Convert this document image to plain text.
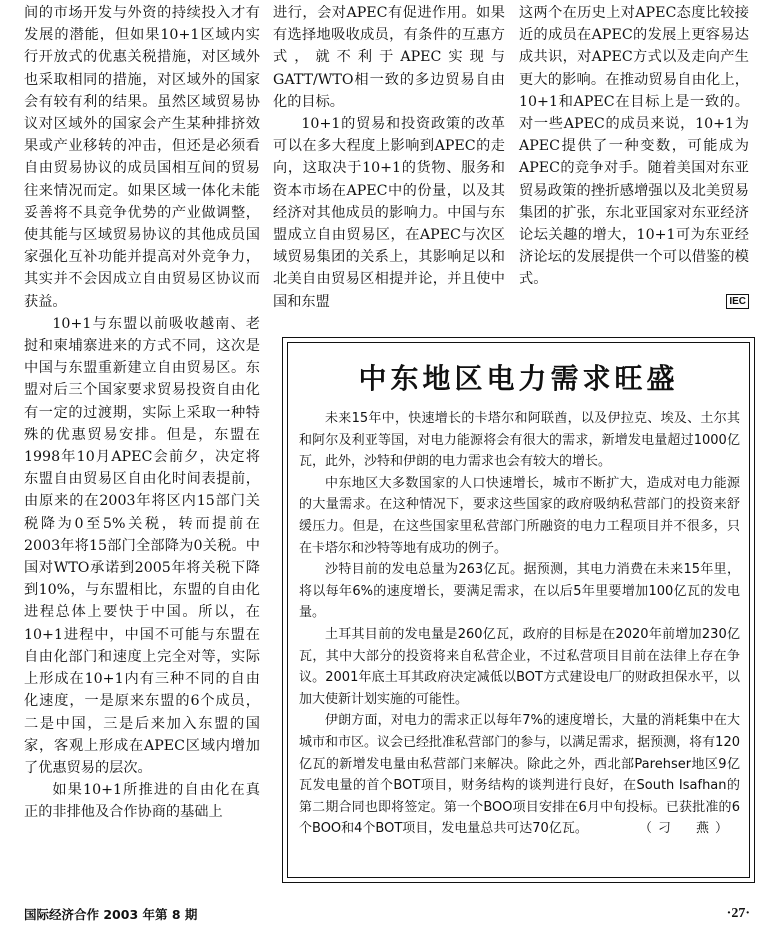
间的市场开发与外资的持续投入才有发展的潜能，但如果10+1区域内实行开放式的优惠关税措施，对区域外也采取相同的措施，对区域外的国家会有较有利的结果。虽然区域贸易协议对区域外的国家会产生某种排挤效果或产业移转的冲击，但还是必须看自由贸易协议的成员国相互间的贸易往来情况而定。如果区域一体化未能妥善将不具竞争优势的产业做调整，使其能与区域贸易协议的其他成员国家强化互补功能并提高对外竞争力，其实并不会因成立自由贸易区协议而获益。

10+1与东盟以前吸收越南、老挝和柬埔寨进来的方式不同，这次是中国与东盟重新建立自由贸易区。东盟对后三个国家要求贸易投资自由化有一定的过渡期，实际上采取一种特殊的优惠贸易安排。但是，东盟在1998年10月APEC会前夕，决定将东盟自由贸易区自由化时间表提前，由原来的在2003年将区内15部门关税降为0至5%关税，转而提前在2003年将15部门全部降为0关税。中国对WTO承诺到2005年将关税下降到10%，与东盟相比，东盟的自由化进程总体上要快于中国。所以，在10+1进程中，中国不可能与东盟在自由化部门和速度上完全对等，实际上形成在10+1内有三种不同的自由化速度，一是原来东盟的6个成员，二是中国，三是后来加入东盟的国家，客观上形成在APEC区域内增加了优惠贸易的层次。

如果10+1所推进的自由化在真正的非排他及合作协商的基础上

进行，会对APEC有促进作用。如果有选择地吸收成员，有条件的互惠方式，就不利于APEC实现与GATT/WTO相一致的多边贸易自由化的目标。

10+1的贸易和投资政策的改革可以在多大程度上影响到APEC的走向，这取决于10+1的货物、服务和资本市场在APEC中的份量，以及其经济对其他成员的影响力。中国与东盟成立自由贸易区，在APEC与次区域贸易集团的关系上，其影响足以和北美自由贸易区相提并论，并且使中国和东盟

这两个在历史上对APEC态度比较接近的成员在APEC的发展上更容易达成共识，对APEC方式以及走向产生更大的影响。在推动贸易自由化上，10+1和APEC在目标上是一致的。对一些APEC的成员来说，10+1为APEC提供了一种变数，可能成为APEC的竞争对手。随着美国对东亚贸易政策的挫折感增强以及北美贸易集团的扩张，东北亚国家对东亚经济论坛关趣的增大，10+1可为东亚经济论坛的发展提供一个可以借鉴的模式。

IEC
中东地区电力需求旺盛

未来15年中，快速增长的卡塔尔和阿联酋，以及伊拉克、埃及、土尔其和阿尔及利亚等国，对电力能源将会有很大的需求，新增发电量超过1000亿瓦，此外，沙特和伊朗的电力需求也会有较大的增长。

中东地区大多数国家的人口快速增长，城市不断扩大，造成对电力能源的大量需求。在这种情况下，要求这些国家的政府吸纳私营部门的投资来舒缓压力。但是，在这些国家里私营部门所融资的电力工程项目并不很多，只在卡塔尔和沙特等地有成功的例子。

沙特目前的发电总量为263亿瓦。据预测，其电力消费在未来15年里，将以每年6%的速度增长，要满足需求，在以后5年里要增加100亿瓦的发电量。

土耳其目前的发电量是260亿瓦，政府的目标是在2020年前增加230亿瓦，其中大部分的投资将来自私营企业，不过私营项目目前在法律上存在争议。2001年底土耳其政府决定减低以BOT方式建设电厂的财政担保水平，以加大使新计划实施的可能性。

伊朗方面，对电力的需求正以每年7%的速度增长，大量的消耗集中在大城市和市区。议会已经批准私营部门的参与，以满足需求，据预测，将有120亿瓦的新增发电量由私营部门来解决。除此之外，西北部Parehser地区9亿瓦发电量的首个BOT项目，财务结构的谈判进行良好，在South Isafhan的第二期合同也即将签定。第一个BOO项目安排在6月中旬投标。已获批准的6个BOO和4个BOT项目，发电量总共可达70亿瓦。	（刁　燕）

国际经济合作 2003 年第 8 期	·27·
